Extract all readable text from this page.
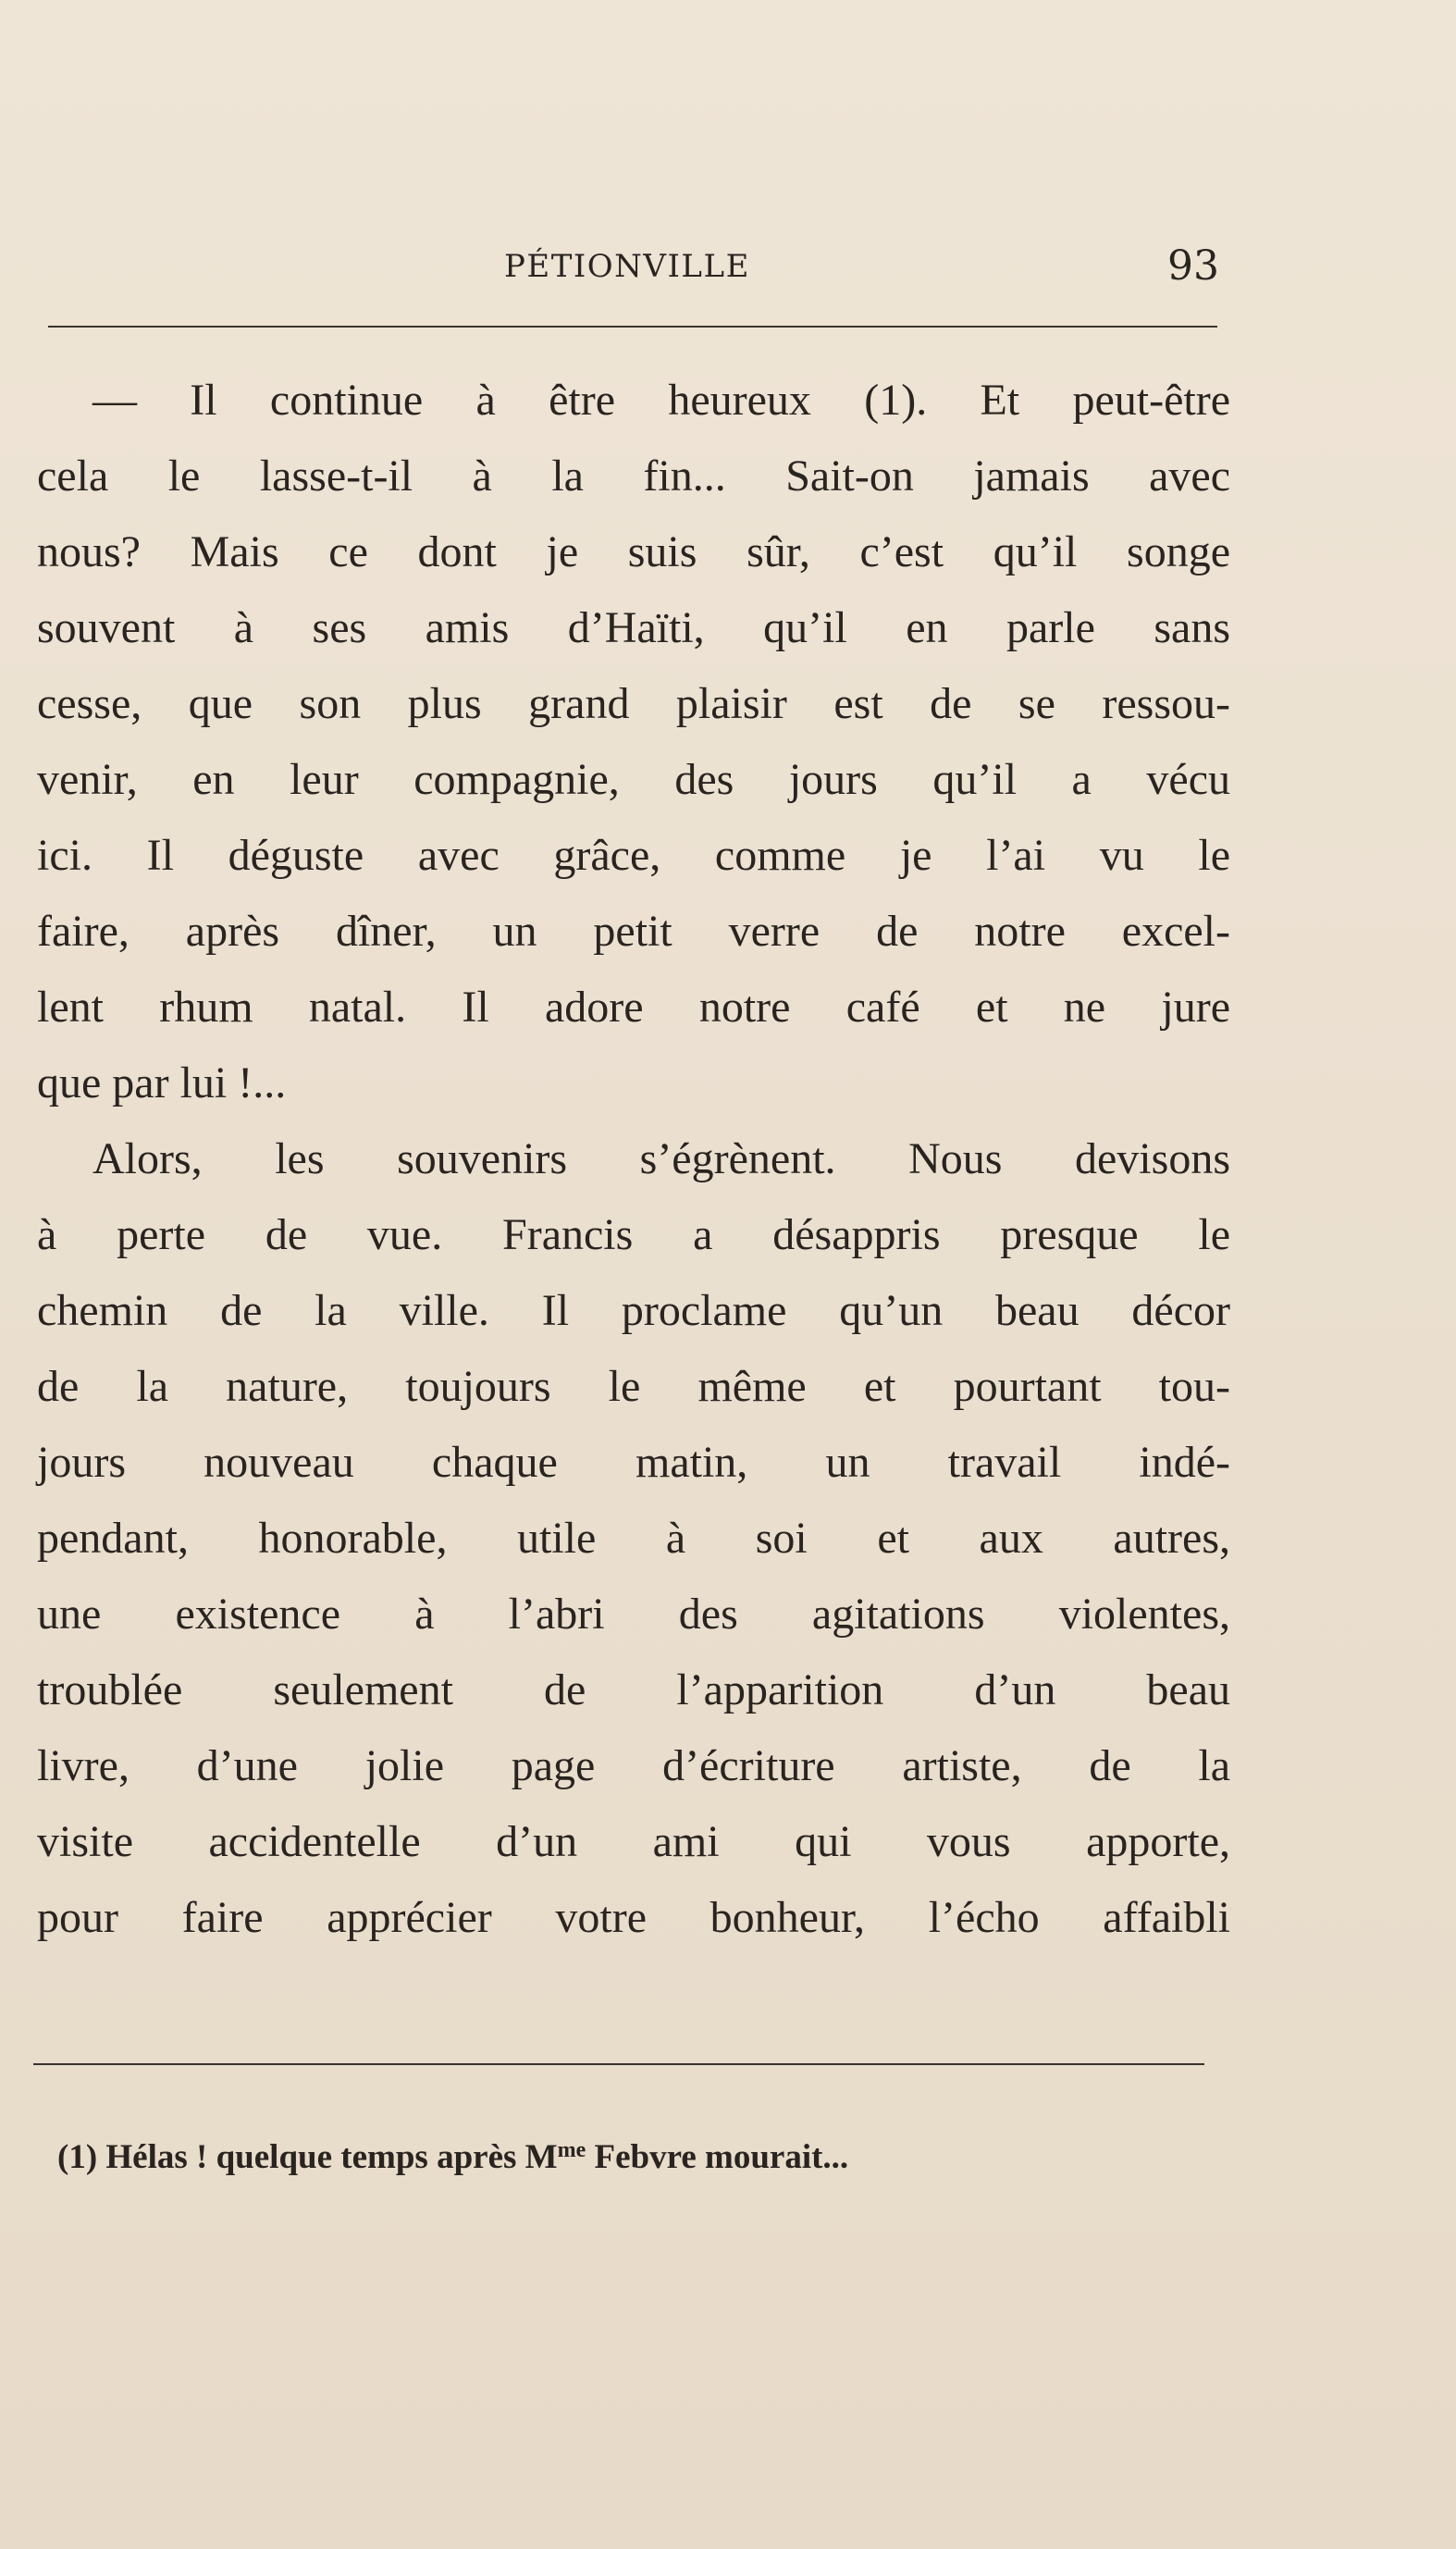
PÉTIONVILLE	93
— Il continue à être heureux (1). Et peut-être
cela le lasse-t-il à la fin... Sait-on jamais avec
nous? Mais ce dont je suis sûr, c’est qu’il songe
souvent à ses amis d’Haïti, qu’il en parle sans
cesse, que son plus grand plaisir est de se ressou-
venir, en leur compagnie, des jours qu’il a vécu
ici. Il déguste avec grâce, comme je l’ai vu le
faire, après dîner, un petit verre de notre excel-
lent rhum natal. Il adore notre café et ne jure
que par lui !...
Alors, les souvenirs s’égrènent. Nous devisons
à perte de vue. Francis a désappris presque le
chemin de la ville. Il proclame qu’un beau décor
de la nature, toujours le même et pourtant tou-
jours nouveau chaque matin, un travail indé-
pendant, honorable, utile à soi et aux autres,
une existence à l’abri des agitations violentes,
troublée seulement de l’apparition d’un beau
livre, d’une jolie page d’écriture artiste, de la
visite accidentelle d’un ami qui vous apporte,
pour faire apprécier votre bonheur, l’écho affaibli
(1) Hélas ! quelque temps après $M^{me}$ Febvre mourait...
